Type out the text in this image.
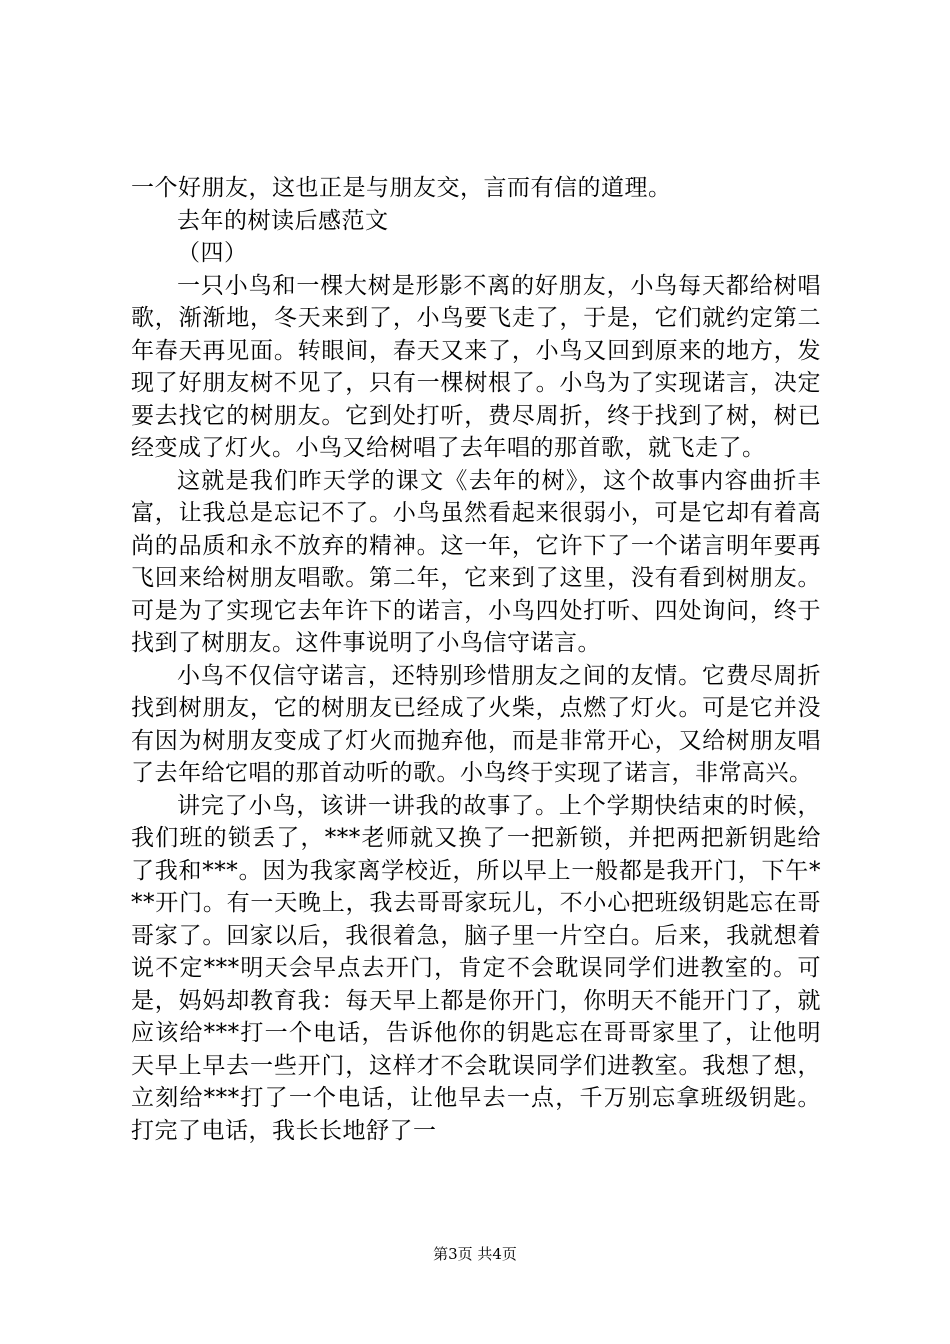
一个好朋友，这也正是与朋友交，言而有信的道理。

去年的树读后感范文

（四）

一只小鸟和一棵大树是形影不离的好朋友，小鸟每天都给树唱歌，渐渐地，冬天来到了，小鸟要飞走了，于是，它们就约定第二年春天再见面。转眼间，春天又来了，小鸟又回到原来的地方，发现了好朋友树不见了，只有一棵树根了。小鸟为了实现诺言，决定要去找它的树朋友。它到处打听，费尽周折，终于找到了树，树已经变成了灯火。小鸟又给树唱了去年唱的那首歌，就飞走了。

这就是我们昨天学的课文《去年的树》，这个故事内容曲折丰富，让我总是忘记不了。小鸟虽然看起来很弱小，可是它却有着高尚的品质和永不放弃的精神。这一年，它许下了一个诺言明年要再飞回来给树朋友唱歌。第二年，它来到了这里，没有看到树朋友。可是为了实现它去年许下的诺言，小鸟四处打听、四处询问，终于找到了树朋友。这件事说明了小鸟信守诺言。

小鸟不仅信守诺言，还特别珍惜朋友之间的友情。它费尽周折找到树朋友，它的树朋友已经成了火柴，点燃了灯火。可是它并没有因为树朋友变成了灯火而抛弃他，而是非常开心，又给树朋友唱了去年给它唱的那首动听的歌。小鸟终于实现了诺言，非常高兴。

讲完了小鸟，该讲一讲我的故事了。上个学期快结束的时候，我们班的锁丢了，***老师就又换了一把新锁，并把两把新钥匙给了我和***。因为我家离学校近，所以早上一般都是我开门，下午***开门。有一天晚上，我去哥哥家玩儿，不小心把班级钥匙忘在哥哥家了。回家以后，我很着急，脑子里一片空白。后来，我就想着说不定***明天会早点去开门，肯定不会耽误同学们进教室的。可是，妈妈却教育我：每天早上都是你开门，你明天不能开门了，就应该给***打一个电话，告诉他你的钥匙忘在哥哥家里了，让他明天早上早去一些开门，这样才不会耽误同学们进教室。我想了想，立刻给***打了一个电话，让他早去一点，千万别忘拿班级钥匙。打完了电话，我长长地舒了一

第3页 共4页
